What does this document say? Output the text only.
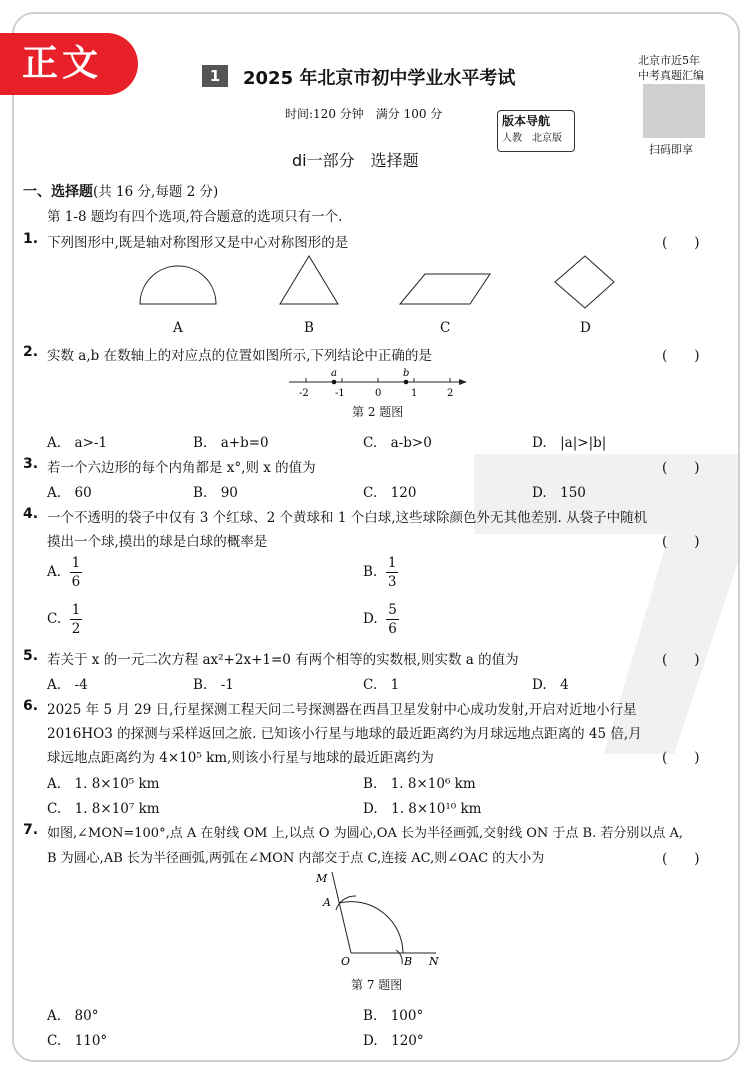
正文	1	2025 年北京市初中学业水平考试
时间:120 分钟　满分 100 分	版本导航
人教　北京版
北京市近5年
中考真题汇编
扫码即享
di一部分　选择题
一、选择题(共 16 分,每题 2 分)
第 1-8 题均有四个选项,符合题意的选项只有一个.
1. 下列图形中,既是轴对称图形又是中心对称图形的是	(　　)
A	B	C	D
2. 实数 a,b 在数轴上的对应点的位置如图所示,下列结论中正确的是	(　　)
a	b
-2	-1	0	1	2
第 2 题图
A.　a>-1	B.　a+b=0	C.　a-b>0	D.　|a|>|b|
3. 若一个六边形的每个内角都是 x°,则 x 的值为	(　　)
A.　60	B.　90	C.　120	D.　150
4. 一个不透明的袋子中仅有 3 个红球、2 个黄球和 1 个白球,这些球除颜色外无其他差别. 从袋子中随机
摸出一个球,摸出的球是白球的概率是	(　　)
A. $\frac{1}{6}$	B. $\frac{1}{3}$
C. $\frac{1}{2}$	D. $\frac{5}{6}$
5. 若关于 x 的一元二次方程 ax²+2x+1=0 有两个相等的实数根,则实数 a 的值为	(　　)
A.　-4	B.　-1	C.　1	D.　4
6. 2025 年 5 月 29 日,行星探测工程天问二号探测器在西昌卫星发射中心成功发射,开启对近地小行星
2016HO3 的探测与采样返回之旅. 已知该小行星与地球的最近距离约为月球远地点距离的 45 倍,月
球远地点距离约为 4×10⁵ km,则该小行星与地球的最近距离约为	(　　)
A.　1. 8×10⁵ km	B.　1. 8×10⁶ km
C.　1. 8×10⁷ km	D.　1. 8×10¹⁰ km
7. 如图,∠MON=100°,点 A 在射线 OM 上,以点 O 为圆心,OA 长为半径画弧,交射线 ON 于点 B. 若分别以点 A,
B 为圆心,AB 长为半径画弧,两弧在∠MON 内部交于点 C,连接 AC,则∠OAC 的大小为	(　　)
M
A
O	B N
第 7 题图
A.　80°	B.　100°
C.　110°	D.　120°
